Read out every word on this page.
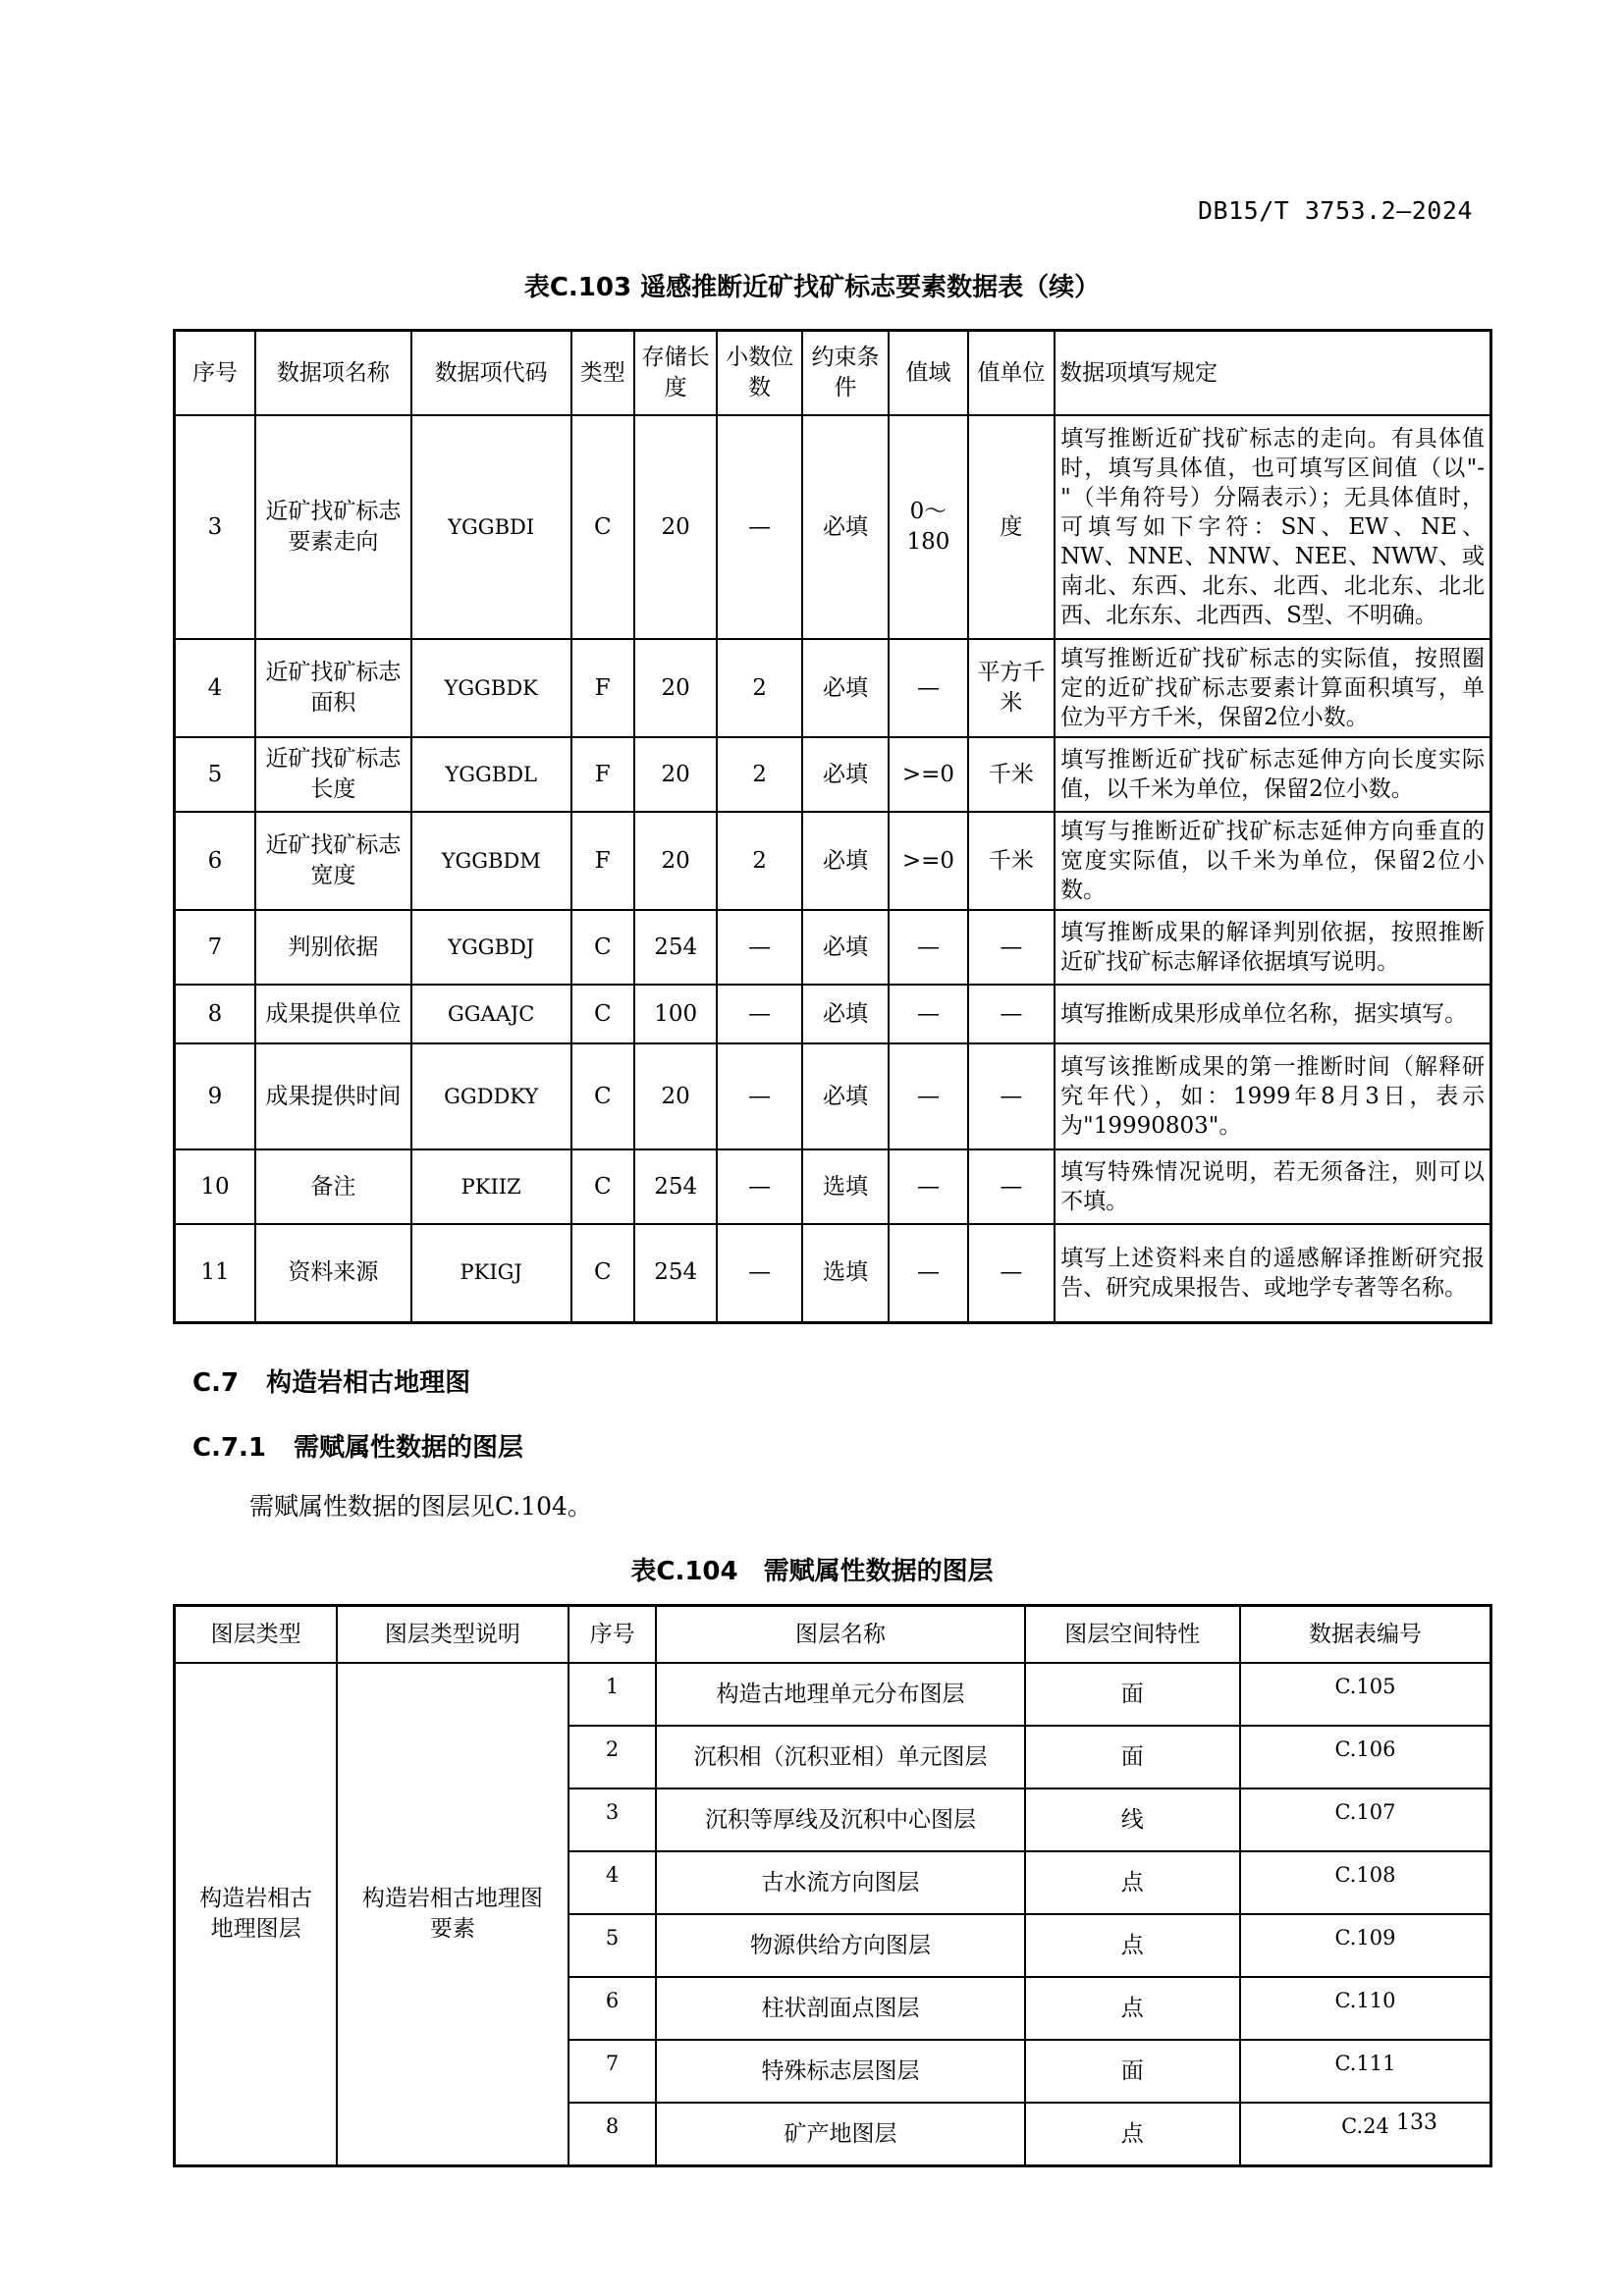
DB15/T 3753.2—2024
表C.103 遥感推断近矿找矿标志要素数据表（续）
序号	数据项名称	数据项代码	类型	存储长度	小数位数	约束条件	值域	值单位	数据项填写规定
3	近矿找矿标志要素走向	YGGBDI	C	20	—	必填	0～180	度	填写推断近矿找矿标志的走向。有具体值时，填写具体值，也可填写区间值（以"-"（半角符号）分隔表示）；无具体值时，可填写如下字符：SN、EW、NE、NW、NNE、NNW、NEE、NWW、或 南北、东西、北东、北西、北北东、北北西、北东东、北西西、S型、不明确。
4	近矿找矿标志面积	YGGBDK	F	20	2	必填	—	平方千米	填写推断近矿找矿标志的实际值，按照圈定的近矿找矿标志要素计算面积填写，单位为平方千米，保留2位小数。
5	近矿找矿标志长度	YGGBDL	F	20	2	必填	>=0	千米	填写推断近矿找矿标志延伸方向长度实际值，以千米为单位，保留2位小数。
6	近矿找矿标志宽度	YGGBDM	F	20	2	必填	>=0	千米	填写与推断近矿找矿标志延伸方向垂直的宽度实际值，以千米为单位，保留2位小数。
7	判别依据	YGGBDJ	C	254	—	必填	—	—	填写推断成果的解译判别依据，按照推断近矿找矿标志解译依据填写说明。
8	成果提供单位	GGAAJC	C	100	—	必填	—	—	填写推断成果形成单位名称，据实填写。
9	成果提供时间	GGDDKY	C	20	—	必填	—	—	填写该推断成果的第一推断时间（解释研究年代），如：1999年8月3日，表示为"19990803"。
10	备注	PKIIZ	C	254	—	选填	—	—	填写特殊情况说明，若无须备注，则可以不填。
11	资料来源	PKIGJ	C	254	—	选填	—	—	填写上述资料来自的遥感解译推断研究报告、研究成果报告、或地学专著等名称。
C.7 构造岩相古地理图
C.7.1 需赋属性数据的图层
需赋属性数据的图层见C.104。
表C.104　需赋属性数据的图层
图层类型	图层类型说明	序号	图层名称	图层空间特性	数据表编号
构造岩相古地理图层	构造岩相古地理图要素	1	构造古地理单元分布图层	面	C.105
		2	沉积相（沉积亚相）单元图层	面	C.106
		3	沉积等厚线及沉积中心图层	线	C.107
		4	古水流方向图层	点	C.108
		5	物源供给方向图层	点	C.109
		6	柱状剖面点图层	点	C.110
		7	特殊标志层图层	面	C.111
		8	矿产地图层	点	C.24 133
